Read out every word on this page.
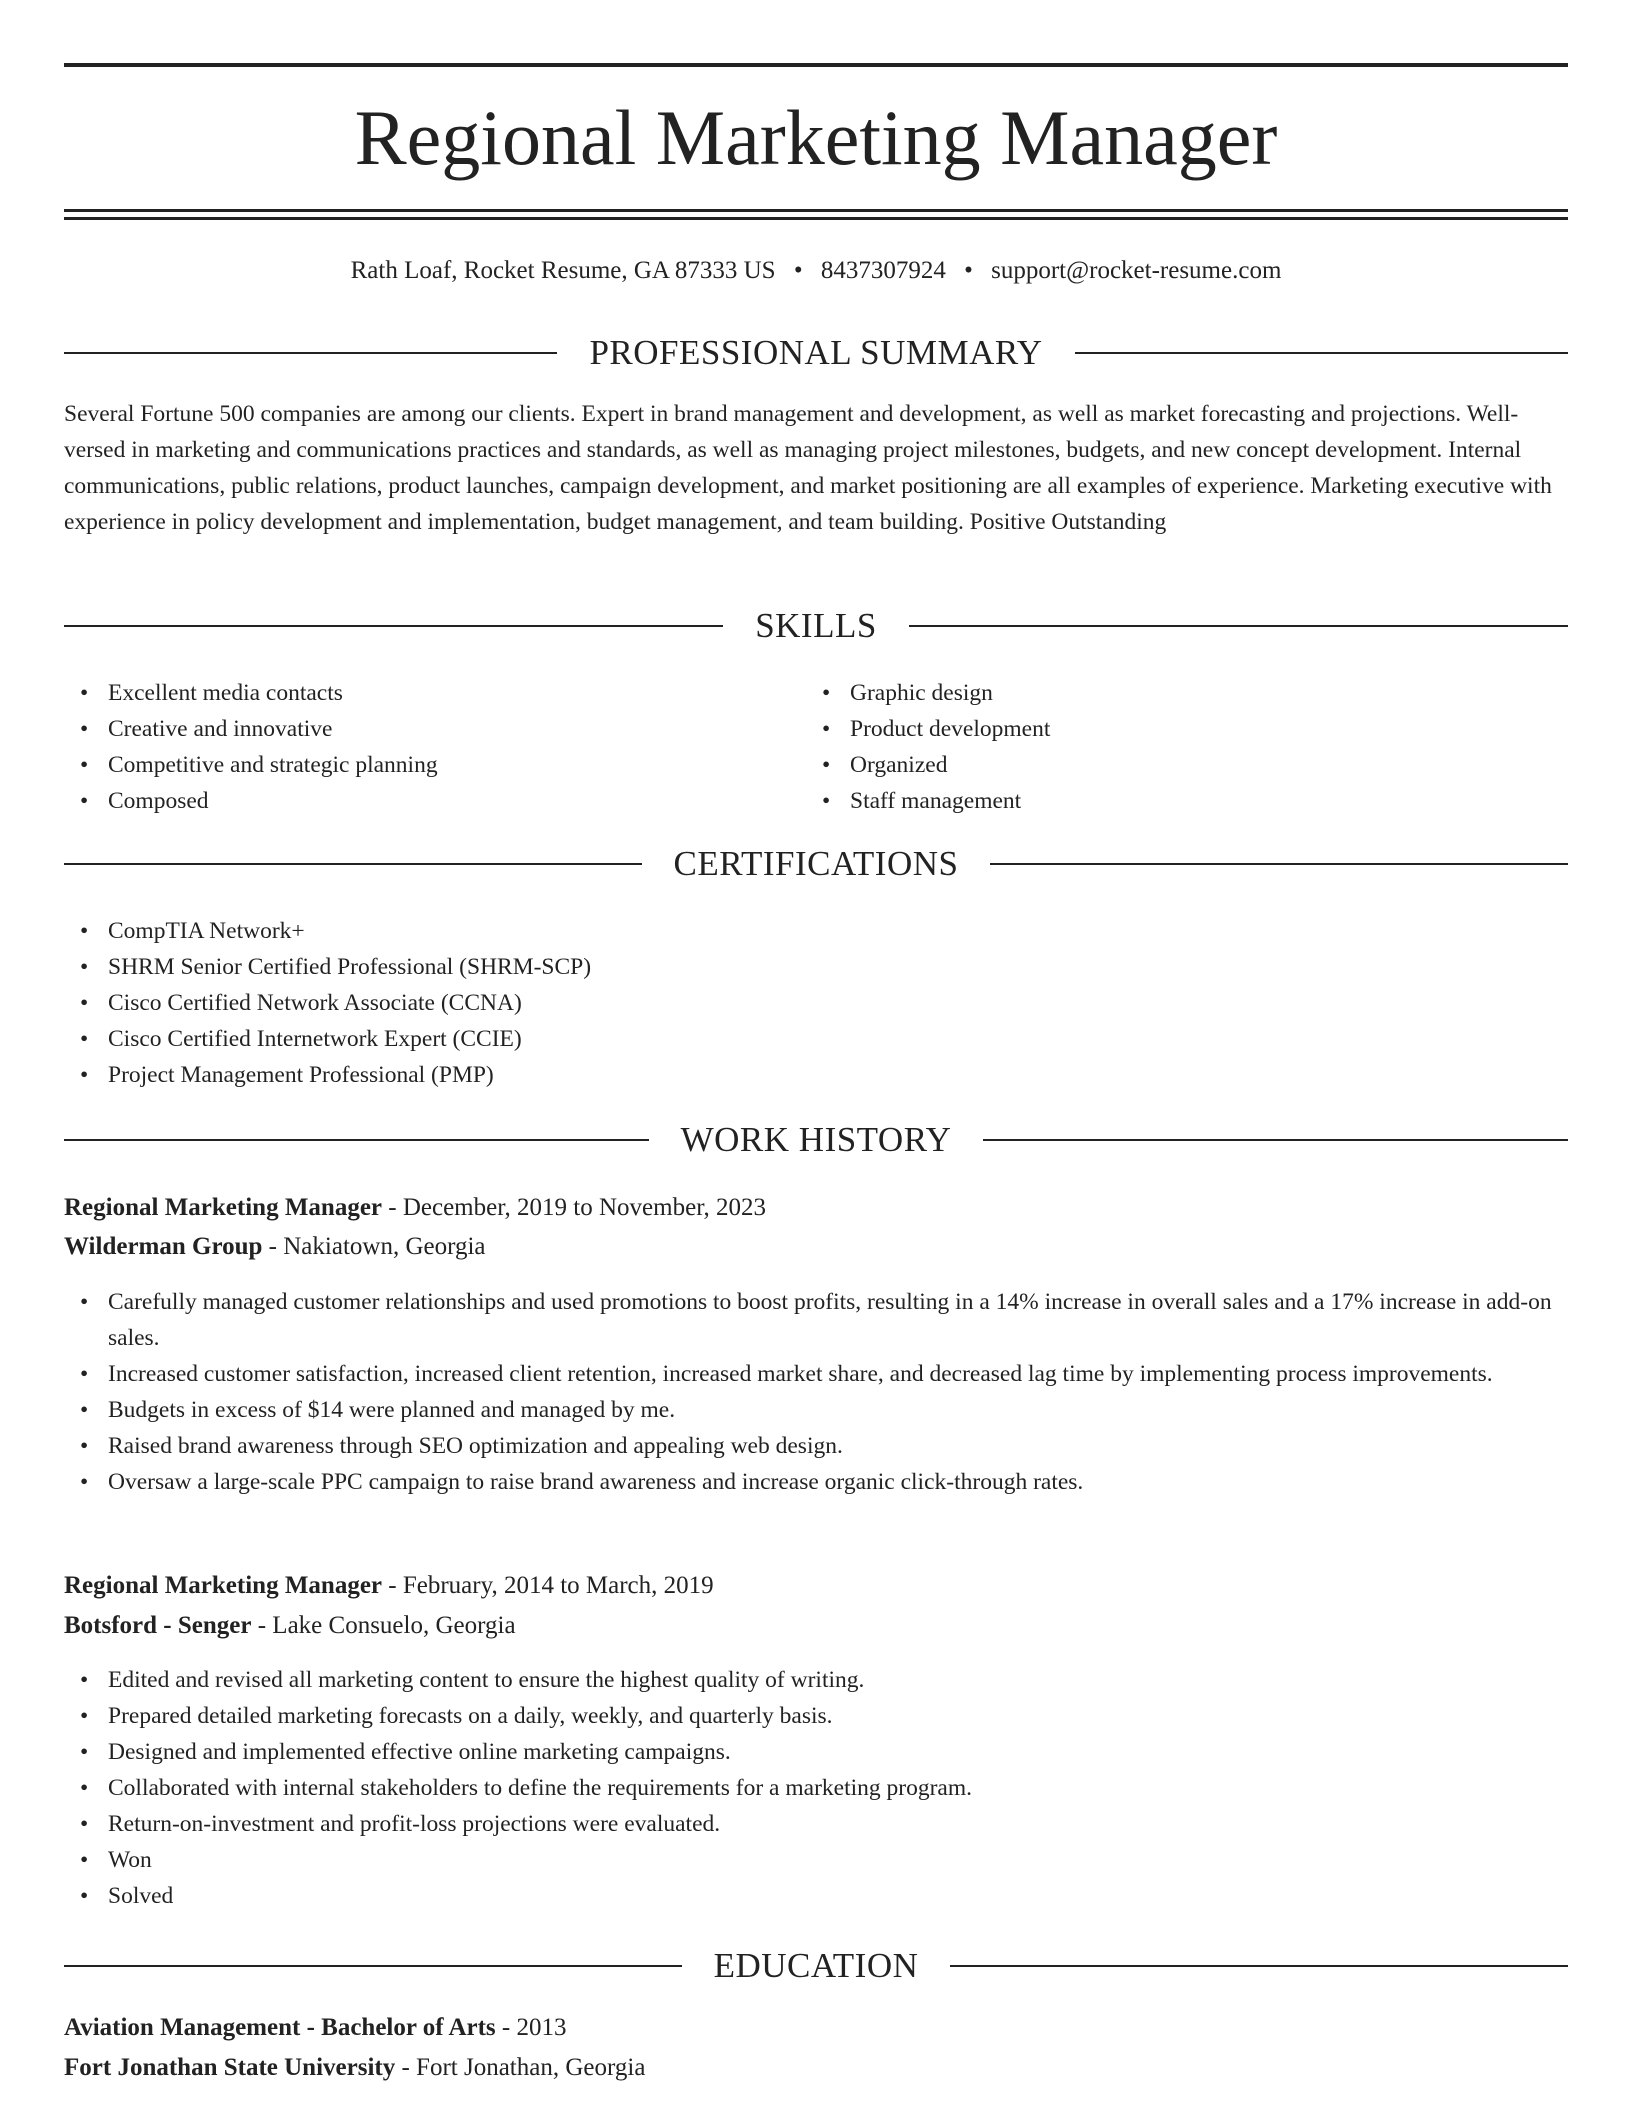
Regional Marketing Manager
Rath Loaf, Rocket Resume, GA 87333 US • 8437307924 • support@rocket-resume.com
PROFESSIONAL SUMMARY

Several Fortune 500 companies are among our clients. Expert in brand management and development, as well as market forecasting and projections. Well-versed in marketing and communications practices and standards, as well as managing project milestones, budgets, and new concept development. Internal communications, public relations, product launches, campaign development, and market positioning are all examples of experience. Marketing executive with experience in policy development and implementation, budget management, and team building. Positive Outstanding

SKILLS
• Excellent media contacts
• Creative and innovative
• Competitive and strategic planning
• Composed
• Graphic design
• Product development
• Organized
• Staff management
CERTIFICATIONS
• CompTIA Network+
• SHRM Senior Certified Professional (SHRM-SCP)
• Cisco Certified Network Associate (CCNA)
• Cisco Certified Internetwork Expert (CCIE)
• Project Management Professional (PMP)
WORK HISTORY
Regional Marketing Manager - December, 2019 to November, 2023
Wilderman Group - Nakiatown, Georgia
• Carefully managed customer relationships and used promotions to boost profits, resulting in a 14% increase in overall sales and a 17% increase in add-on sales.
• Increased customer satisfaction, increased client retention, increased market share, and decreased lag time by implementing process improvements.
• Budgets in excess of $14 were planned and managed by me.
• Raised brand awareness through SEO optimization and appealing web design.
• Oversaw a large-scale PPC campaign to raise brand awareness and increase organic click-through rates.
Regional Marketing Manager - February, 2014 to March, 2019
Botsford - Senger - Lake Consuelo, Georgia
• Edited and revised all marketing content to ensure the highest quality of writing.
• Prepared detailed marketing forecasts on a daily, weekly, and quarterly basis.
• Designed and implemented effective online marketing campaigns.
• Collaborated with internal stakeholders to define the requirements for a marketing program.
• Return-on-investment and profit-loss projections were evaluated.
• Won
• Solved
EDUCATION
Aviation Management - Bachelor of Arts - 2013
Fort Jonathan State University - Fort Jonathan, Georgia
